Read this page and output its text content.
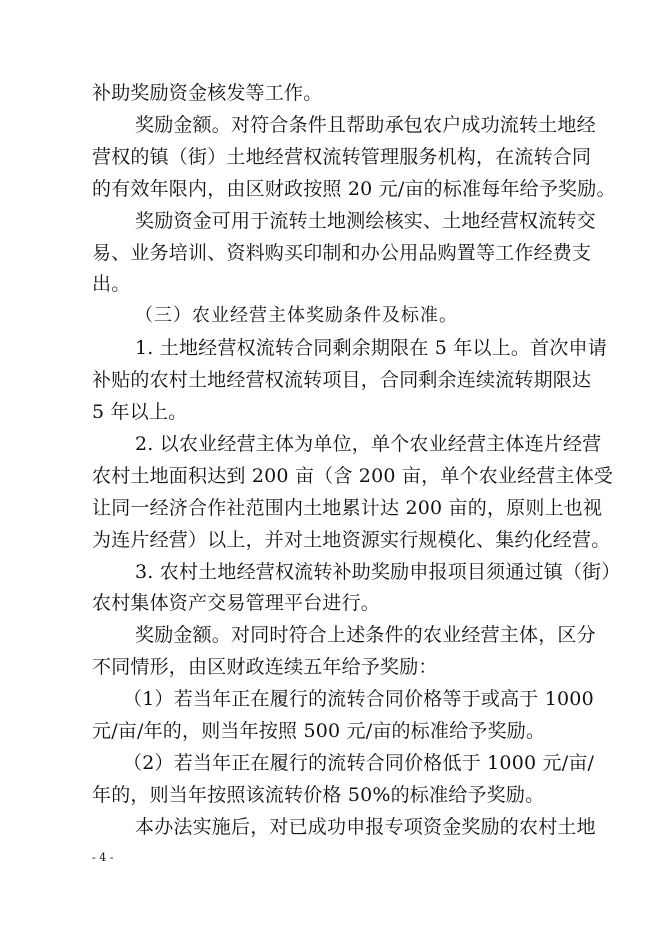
补助奖励资金核发等工作。
奖励金额。对符合条件且帮助承包农户成功流转土地经
营权的镇（街）土地经营权流转管理服务机构，在流转合同
的有效年限内，由区财政按照 20 元/亩的标准每年给予奖励。
奖励资金可用于流转土地测绘核实、土地经营权流转交
易、业务培训、资料购买印制和办公用品购置等工作经费支
出。
（三）农业经营主体奖励条件及标准。
1. 土地经营权流转合同剩余期限在 5 年以上。首次申请
补贴的农村土地经营权流转项目，合同剩余连续流转期限达
5 年以上。
2. 以农业经营主体为单位，单个农业经营主体连片经营
农村土地面积达到 200 亩（含 200 亩，单个农业经营主体受
让同一经济合作社范围内土地累计达 200 亩的，原则上也视
为连片经营）以上，并对土地资源实行规模化、集约化经营。
3. 农村土地经营权流转补助奖励申报项目须通过镇（街）
农村集体资产交易管理平台进行。
奖励金额。对同时符合上述条件的农业经营主体，区分
不同情形，由区财政连续五年给予奖励：
（1）若当年正在履行的流转合同价格等于或高于 1000
元/亩/年的，则当年按照 500 元/亩的标准给予奖励。
（2）若当年正在履行的流转合同价格低于 1000 元/亩/
年的，则当年按照该流转价格 50%的标准给予奖励。
本办法实施后，对已成功申报专项资金奖励的农村土地
- 4 -
